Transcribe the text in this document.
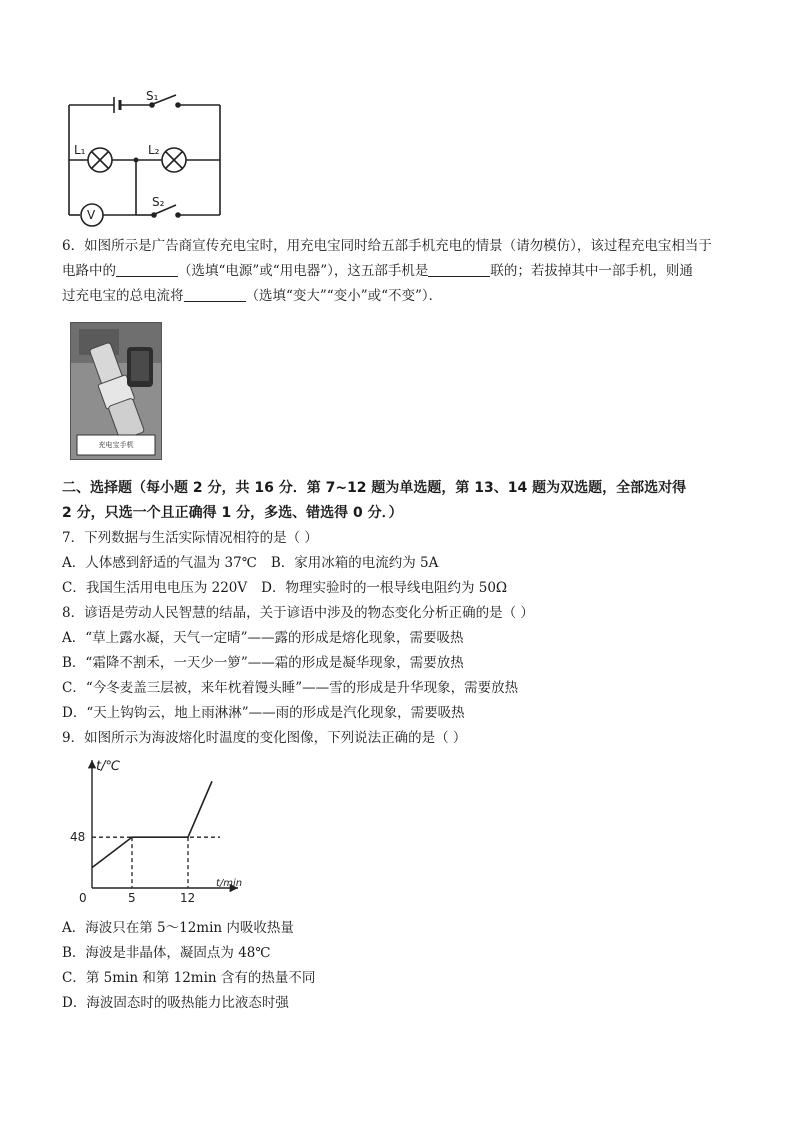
S₁
L₁	L₂
S₂
V
6．如图所示是广告商宣传充电宝时，用充电宝同时给五部手机充电的情景（请勿模仿），该过程充电宝相当于
电路中的	（选填“电源”或“用电器”），这五部手机是	联的；若拔掉其中一部手机，则通
过充电宝的总电流将	（选填“变大”“变小”或“不变”）．
充电宝手机
二、选择题（每小题 2 分，共 16 分．第 7~12 题为单选题，第 13、14 题为双选题，全部选对得
2 分，只选一个且正确得 1 分，多选、错选得 0 分．）
7．下列数据与生活实际情况相符的是（ ）
A．人体感到舒适的气温为 37℃ B．家用冰箱的电流约为 5A
C．我国生活用电电压为 220V D．物理实验时的一根导线电阻约为 50Ω
8．谚语是劳动人民智慧的结晶，关于谚语中涉及的物态变化分析正确的是（ ）
A．“草上露水凝，天气一定晴”——露的形成是熔化现象，需要吸热
B．“霜降不割禾，一天少一箩”——霜的形成是凝华现象，需要放热
C．“今冬麦盖三层被，来年枕着馒头睡”——雪的形成是升华现象，需要放热
D．“天上钩钩云，地上雨淋淋”——雨的形成是汽化现象，需要吸热
9．如图所示为海波熔化时温度的变化图像，下列说法正确的是（ ）
t/℃
t/min
0
48
5	12
A．海波只在第 5～12min 内吸收热量
B．海波是非晶体，凝固点为 48℃
C．第 5min 和第 12min 含有的热量不同
D．海波固态时的吸热能力比液态时强
